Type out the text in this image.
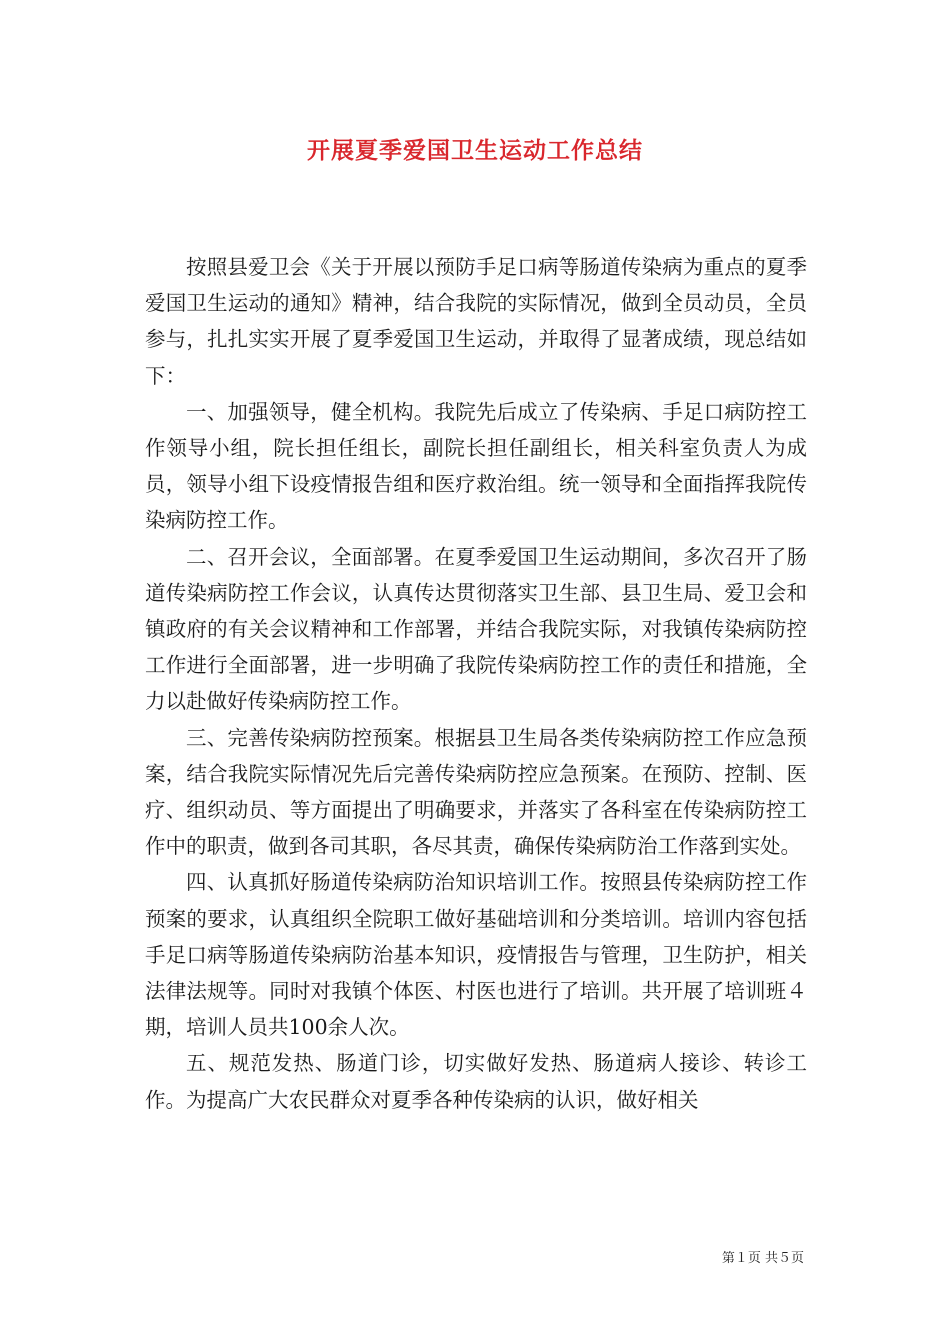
开展夏季爱国卫生运动工作总结

按照县爱卫会《关于开展以预防手足口病等肠道传染病为重点的夏季爱国卫生运动的通知》精神，结合我院的实际情况，做到全员动员，全员参与，扎扎实实开展了夏季爱国卫生运动，并取得了显著成绩，现总结如下：

一、加强领导，健全机构。我院先后成立了传染病、手足口病防控工作领导小组，院长担任组长，副院长担任副组长，相关科室负责人为成员，领导小组下设疫情报告组和医疗救治组。统一领导和全面指挥我院传染病防控工作。

二、召开会议，全面部署。在夏季爱国卫生运动期间，多次召开了肠道传染病防控工作会议，认真传达贯彻落实卫生部、县卫生局、爱卫会和镇政府的有关会议精神和工作部署，并结合我院实际，对我镇传染病防控工作进行全面部署，进一步明确了我院传染病防控工作的责任和措施，全力以赴做好传染病防控工作。

三、完善传染病防控预案。根据县卫生局各类传染病防控工作应急预案，结合我院实际情况先后完善传染病防控应急预案。在预防、控制、医疗、组织动员、等方面提出了明确要求，并落实了各科室在传染病防控工作中的职责，做到各司其职，各尽其责，确保传染病防治工作落到实处。

四、认真抓好肠道传染病防治知识培训工作。按照县传染病防控工作预案的要求，认真组织全院职工做好基础培训和分类培训。培训内容包括手足口病等肠道传染病防治基本知识，疫情报告与管理，卫生防护，相关法律法规等。同时对我镇个体医、村医也进行了培训。共开展了培训班４期，培训人员共100余人次。

五、规范发热、肠道门诊，切实做好发热、肠道病人接诊、转诊工作。为提高广大农民群众对夏季各种传染病的认识，做好相关

第１页 共５页
